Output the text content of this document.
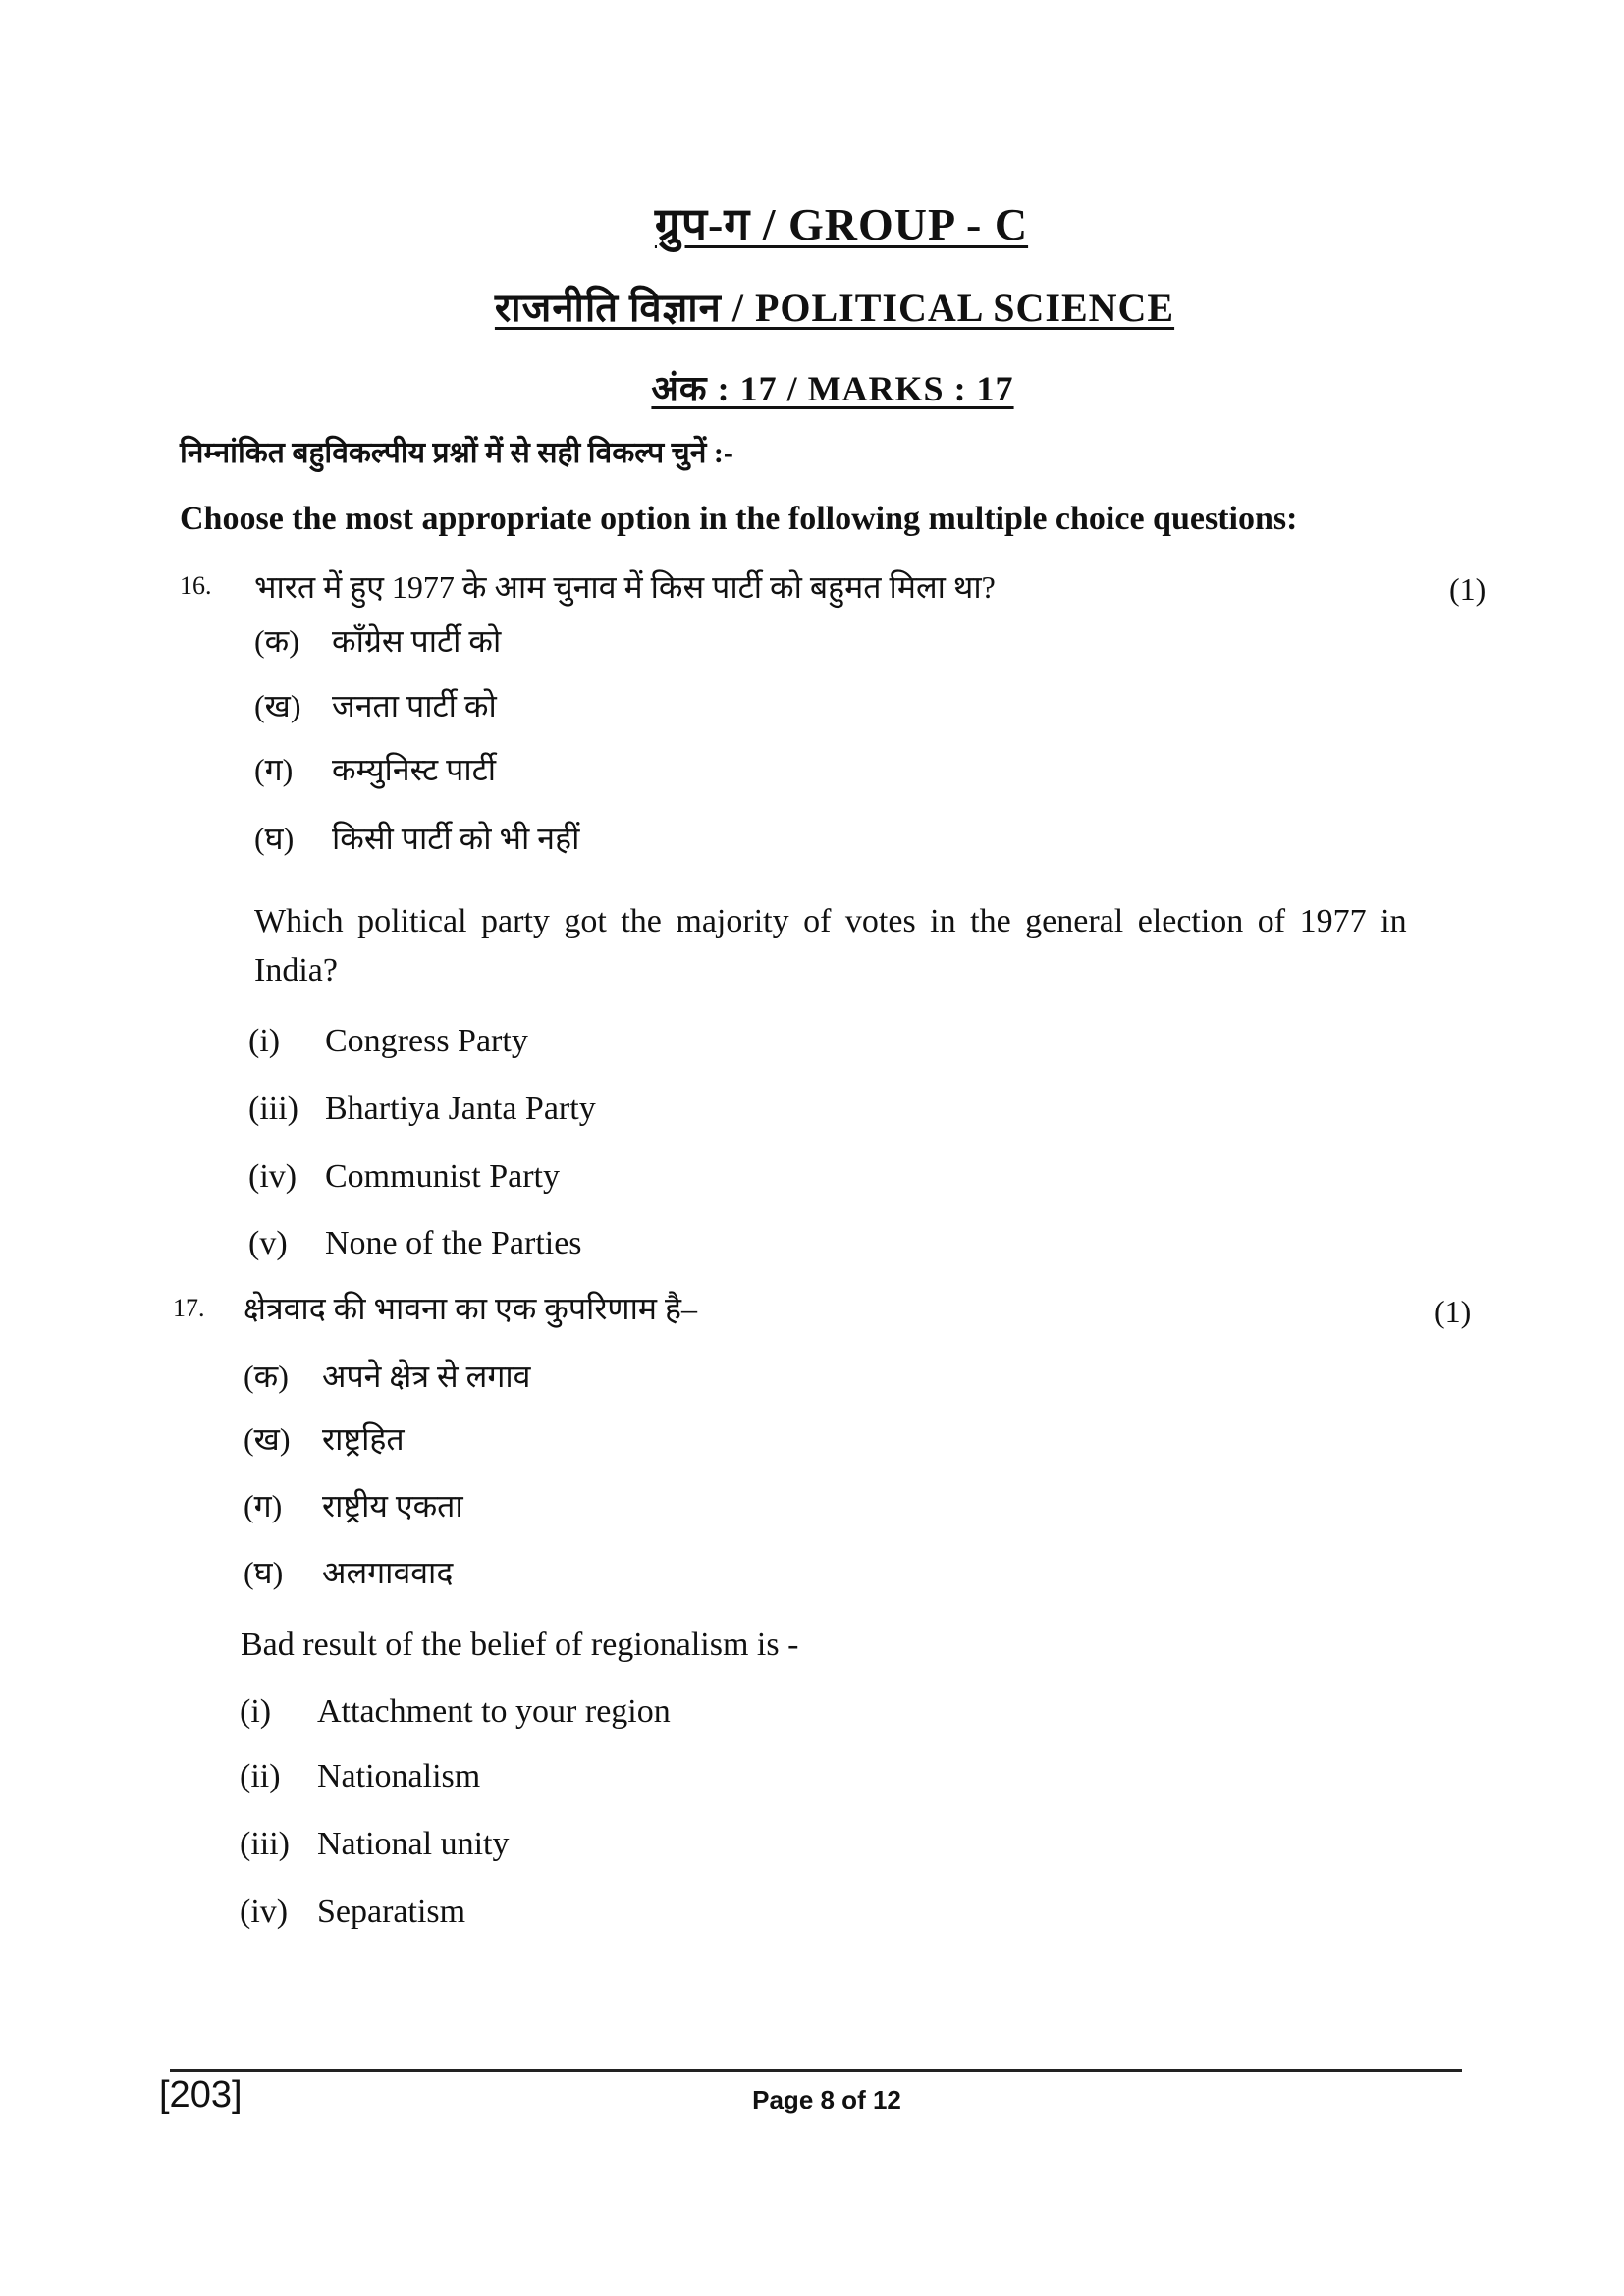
ग्रुप-ग / GROUP - C
राजनीति विज्ञान / POLITICAL SCIENCE
अंक : 17 / MARKS : 17
निम्नांकित बहुविकल्पीय प्रश्नों में से सही विकल्प चुनें :-
Choose the most appropriate option in the following multiple choice questions:
16. भारत में हुए 1977 के आम चुनाव में किस पार्टी को बहुमत मिला था?	(1)
(क) काँग्रेस पार्टी को
(ख) जनता पार्टी को
(ग) कम्युनिस्ट पार्टी
(घ) किसी पार्टी को भी नहीं
Which political party got the majority of votes in the general election of 1977 in
India?
(i) Congress Party
(iii) Bhartiya Janta Party
(iv) Communist Party
(v) None of the Parties
17. क्षेत्रवाद की भावना का एक कुपरिणाम है–	(1)
(क) अपने क्षेत्र से लगाव
(ख) राष्ट्रहित
(ग) राष्ट्रीय एकता
(घ) अलगाववाद
Bad result of the belief of regionalism is -
(i) Attachment to your region
(ii) Nationalism
(iii) National unity
(iv) Separatism
[203]	Page 8 of 12
